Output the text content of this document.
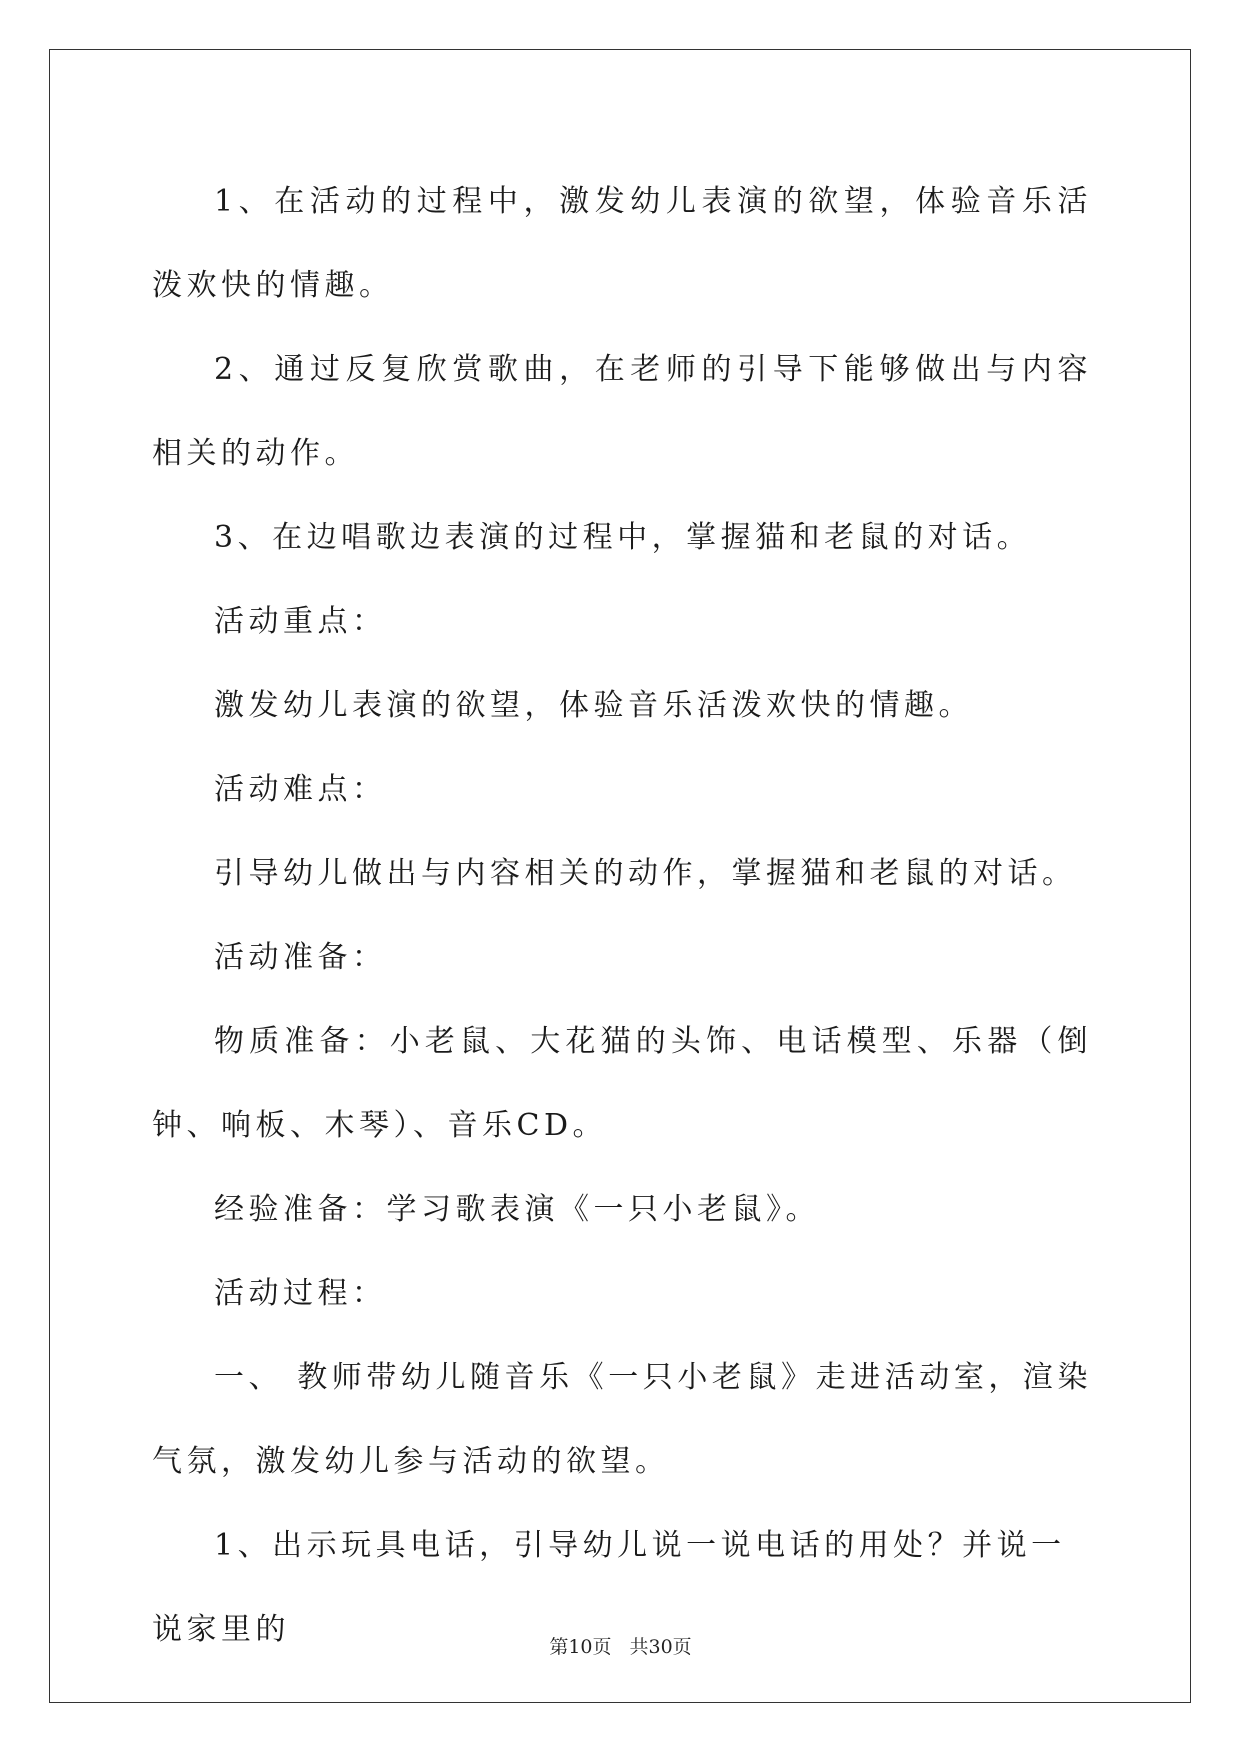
1、在活动的过程中，激发幼儿表演的欲望，体验音乐活泼欢快的情趣。

2、通过反复欣赏歌曲，在老师的引导下能够做出与内容相关的动作。

3、在边唱歌边表演的过程中，掌握猫和老鼠的对话。

活动重点：

激发幼儿表演的欲望，体验音乐活泼欢快的情趣。

活动难点：

引导幼儿做出与内容相关的动作，掌握猫和老鼠的对话。

活动准备：

物质准备：小老鼠、大花猫的头饰、电话模型、乐器（倒钟、响板、木琴）、音乐CD。

经验准备：学习歌表演《一只小老鼠》。

活动过程：

一、 教师带幼儿随音乐《一只小老鼠》走进活动室，渲染气氛，激发幼儿参与活动的欲望。

1、出示玩具电话，引导幼儿说一说电话的用处？并说一说家里的	第10页 共30页
